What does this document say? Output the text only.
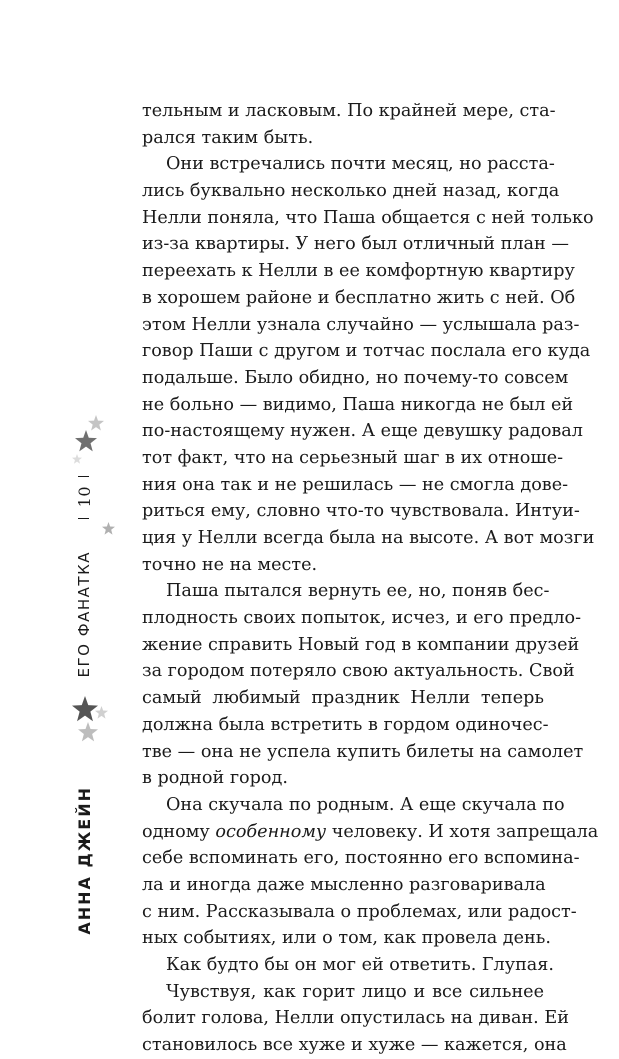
10
ЕГО ФАНАТКА
АННА ДЖЕЙН
тельным и ласковым. По крайней мере, ста-
рался таким быть.
Они встречались почти месяц, но расста-
лись буквально несколько дней назад, когда
Нелли поняла, что Паша общается с ней только
из-за квартиры. У него был отличный план —
переехать к Нелли в ее комфортную квартиру
в хорошем районе и бесплатно жить с ней. Об
этом Нелли узнала случайно — услышала раз-
говор Паши с другом и тотчас послала его куда
подальше. Было обидно, но почему-то совсем
не больно — видимо, Паша никогда не был ей
по-настоящему нужен. А еще девушку радовал
тот факт, что на серьезный шаг в их отноше-
ния она так и не решилась — не смогла дове-
риться ему, словно что-то чувствовала. Интуи-
ция у Нелли всегда была на высоте. А вот мозги
точно не на месте.
Паша пытался вернуть ее, но, поняв бес-
плодность своих попыток, исчез, и его предло-
жение справить Новый год в компании друзей
за городом потеряло свою актуальность. Свой
самый любимый праздник Нелли теперь
должна была встретить в гордом одиночес-
тве — она не успела купить билеты на самолет
в родной город.
Она скучала по родным. А еще скучала по
одному особенному человеку. И хотя запрещала
себе вспоминать его, постоянно его вспомина-
ла и иногда даже мысленно разговаривала
с ним. Рассказывала о проблемах, или радост-
ных событиях, или о том, как провела день.
Как будто бы он мог ей ответить. Глупая.
Чувствуя, как горит лицо и все сильнее
болит голова, Нелли опустилась на диван. Ей
становилось все хуже и хуже — кажется, она
